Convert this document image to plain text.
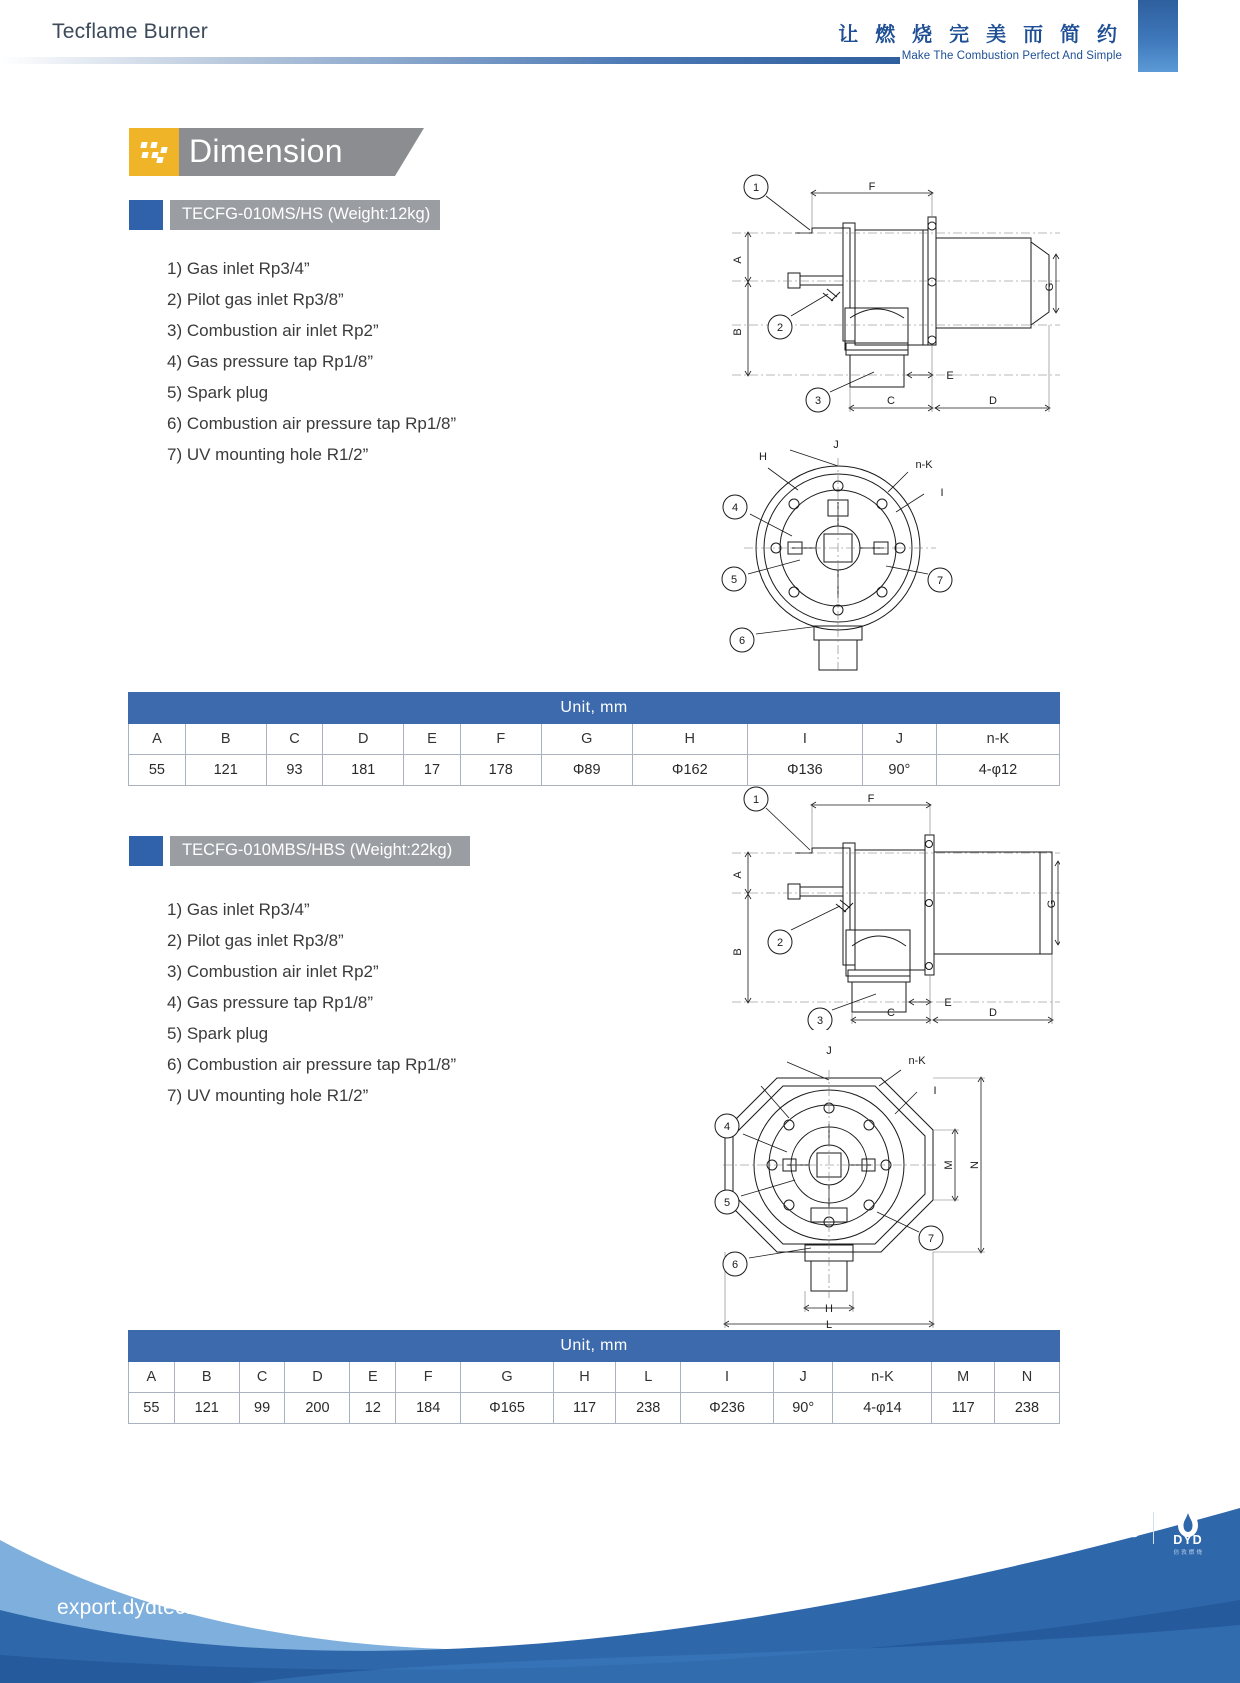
Tecflame Burner	让 燃 烧 完 美 而 简 约
Make The Combustion Perfect And Simple
Dimension
TECFG-010MS/HS (Weight:12kg)
1) Gas inlet Rp3/4”
2) Pilot gas inlet Rp3/8”
3) Combustion air inlet Rp2”
4) Gas pressure tap Rp1/8”
5) Spark plug
6) Combustion air pressure tap Rp1/8”
7) UV mounting hole R1/2”
1
2
3
F
E
C	D
A
B
G
4
5
6
7
H
J
n-K
I
Unit, mm										
A	B	C	D	E	F	G	H	I	J	n-K
55	121	93	181	17	178	Φ89	Φ162	Φ136	90°	4-φ12
TECFG-010MBS/HBS (Weight:22kg)
1) Gas inlet Rp3/4”
2) Pilot gas inlet Rp3/8”
3) Combustion air inlet Rp2”
4) Gas pressure tap Rp1/8”
5) Spark plug
6) Combustion air pressure tap Rp1/8”
7) UV mounting hole R1/2”
1
2
3
F
E
C	D
A
B
G
4
5
6
7
J
n-K
I
H
L
M N
Unit, mm													
A	B	C	D	E	F	G	H	L	I	J	n-K	M	N
55	121	99	200	12	184	Φ165	117	238	Φ236	90°	4-φ14	117	238
export.dydtec.com www.airotation.com
09	DYD
倍 敦 燃 烧
